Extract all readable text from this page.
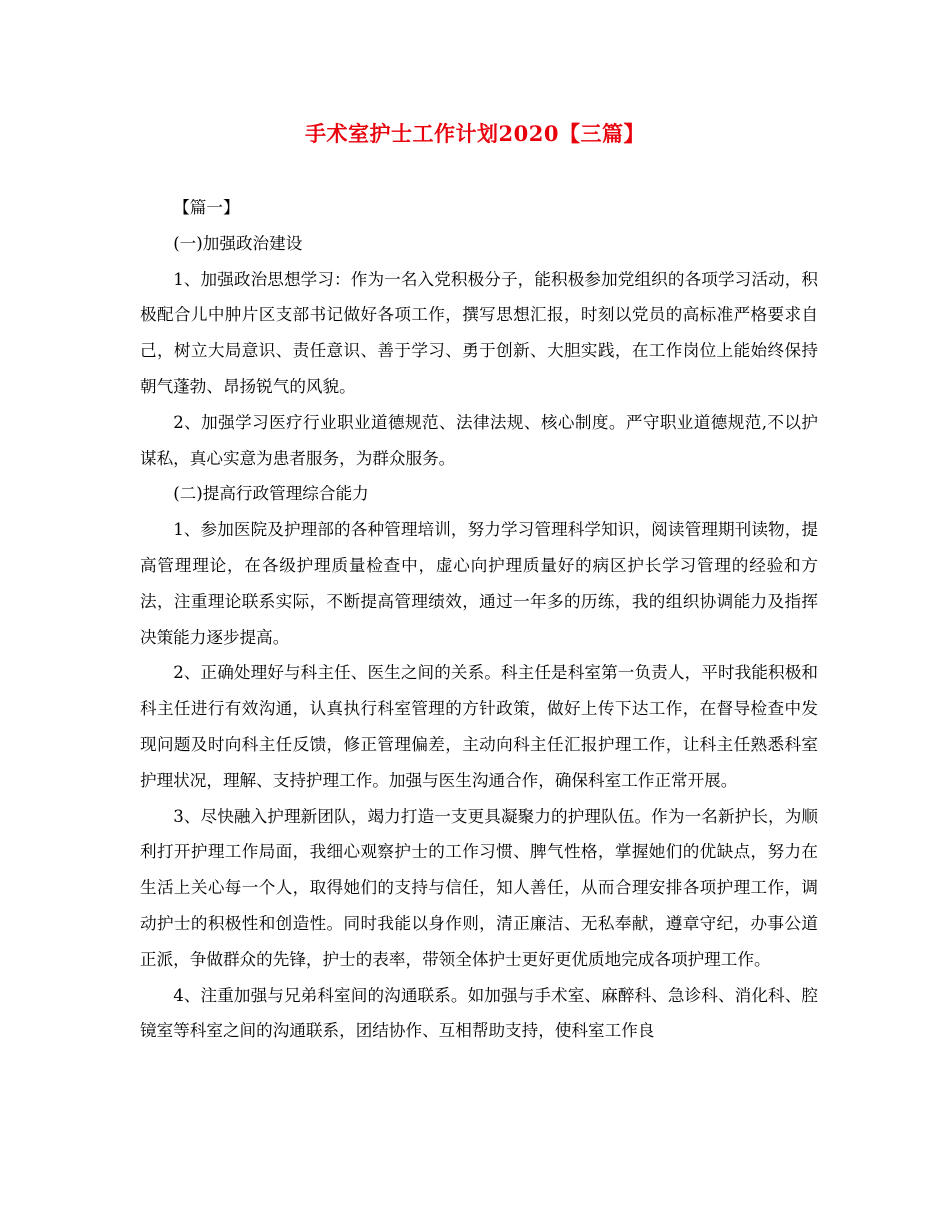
手术室护士工作计划2020【三篇】

【篇一】

(一)加强政治建设

1、加强政治思想学习：作为一名入党积极分子，能积极参加党组织的各项学习活动，积极配合儿中肿片区支部书记做好各项工作，撰写思想汇报，时刻以党员的高标准严格要求自己，树立大局意识、责任意识、善于学习、勇于创新、大胆实践，在工作岗位上能始终保持朝气蓬勃、昂扬锐气的风貌。

2、加强学习医疗行业职业道德规范、法律法规、核心制度。严守职业道德规范,不以护谋私，真心实意为患者服务，为群众服务。

(二)提高行政管理综合能力

1、参加医院及护理部的各种管理培训，努力学习管理科学知识，阅读管理期刊读物，提高管理理论，在各级护理质量检查中，虚心向护理质量好的病区护长学习管理的经验和方法，注重理论联系实际，不断提高管理绩效，通过一年多的历练，我的组织协调能力及指挥决策能力逐步提高。

2、正确处理好与科主任、医生之间的关系。科主任是科室第一负责人，平时我能积极和科主任进行有效沟通，认真执行科室管理的方针政策，做好上传下达工作，在督导检查中发现问题及时向科主任反馈，修正管理偏差，主动向科主任汇报护理工作，让科主任熟悉科室护理状况，理解、支持护理工作。加强与医生沟通合作，确保科室工作正常开展。

3、尽快融入护理新团队，竭力打造一支更具凝聚力的护理队伍。作为一名新护长，为顺利打开护理工作局面，我细心观察护士的工作习惯、脾气性格，掌握她们的优缺点，努力在生活上关心每一个人，取得她们的支持与信任，知人善任，从而合理安排各项护理工作，调动护士的积极性和创造性。同时我能以身作则，清正廉洁、无私奉献，遵章守纪，办事公道正派，争做群众的先锋，护士的表率，带领全体护士更好更优质地完成各项护理工作。

4、注重加强与兄弟科室间的沟通联系。如加强与手术室、麻醉科、急诊科、消化科、腔镜室等科室之间的沟通联系，团结协作、互相帮助支持，使科室工作良
